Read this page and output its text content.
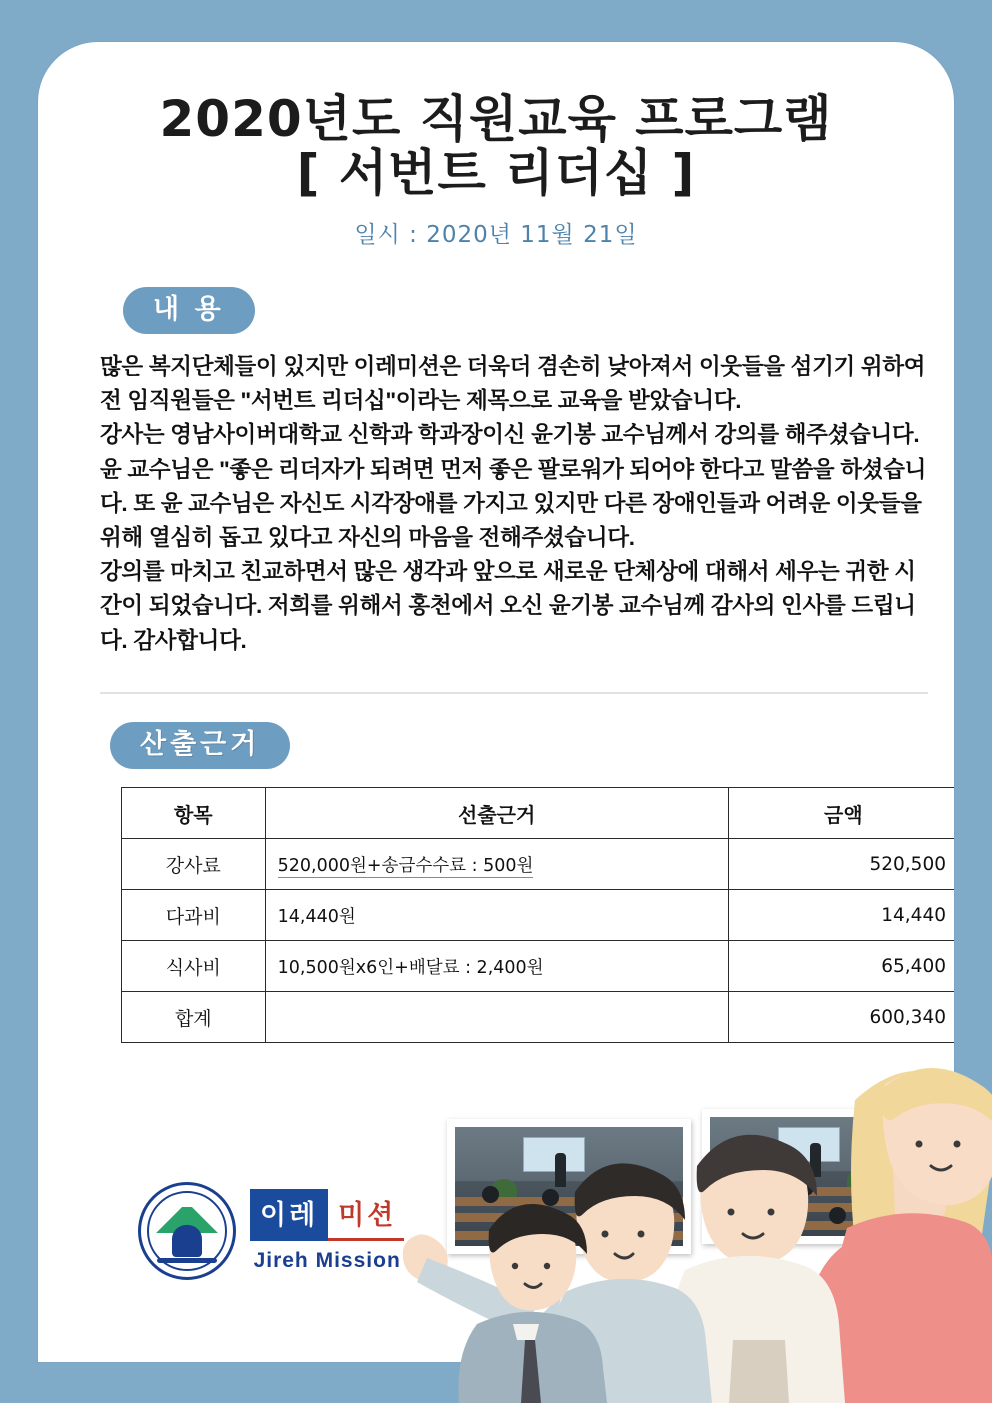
2020년도 직원교육 프로그램
[ 서번트 리더십 ]
일시 : 2020년 11월 21일
내 용

많은 복지단체들이 있지만 이레미션은 더욱더 겸손히 낮아져서 이웃들을 섬기기 위하여 전 임직원들은 "서번트 리더십"이라는 제목으로 교육을 받았습니다.

강사는 영남사이버대학교 신학과 학과장이신 윤기봉 교수님께서 강의를 해주셨습니다. 윤 교수님은 "좋은 리더자가 되려면 먼저 좋은 팔로워가 되어야 한다고 말씀을 하셨습니다. 또 윤 교수님은 자신도 시각장애를 가지고 있지만 다른 장애인들과 어려운 이웃들을 위해 열심히 돕고 있다고 자신의 마음을 전해주셨습니다.

강의를 마치고 친교하면서 많은 생각과 앞으로 새로운 단체상에 대해서 세우는 귀한 시간이 되었습니다. 저희를 위해서 홍천에서 오신 윤기봉 교수님께 감사의 인사를 드립니다. 감사합니다.

산출근거
항목	선출근거	금액
강사료	520,000원+송금수수료 : 500원	520,500
다과비	14,440원	14,440
식사비	10,500원x6인+배달료 : 2,400원	65,400
합계		600,340
이레 미션
Jireh Mission
